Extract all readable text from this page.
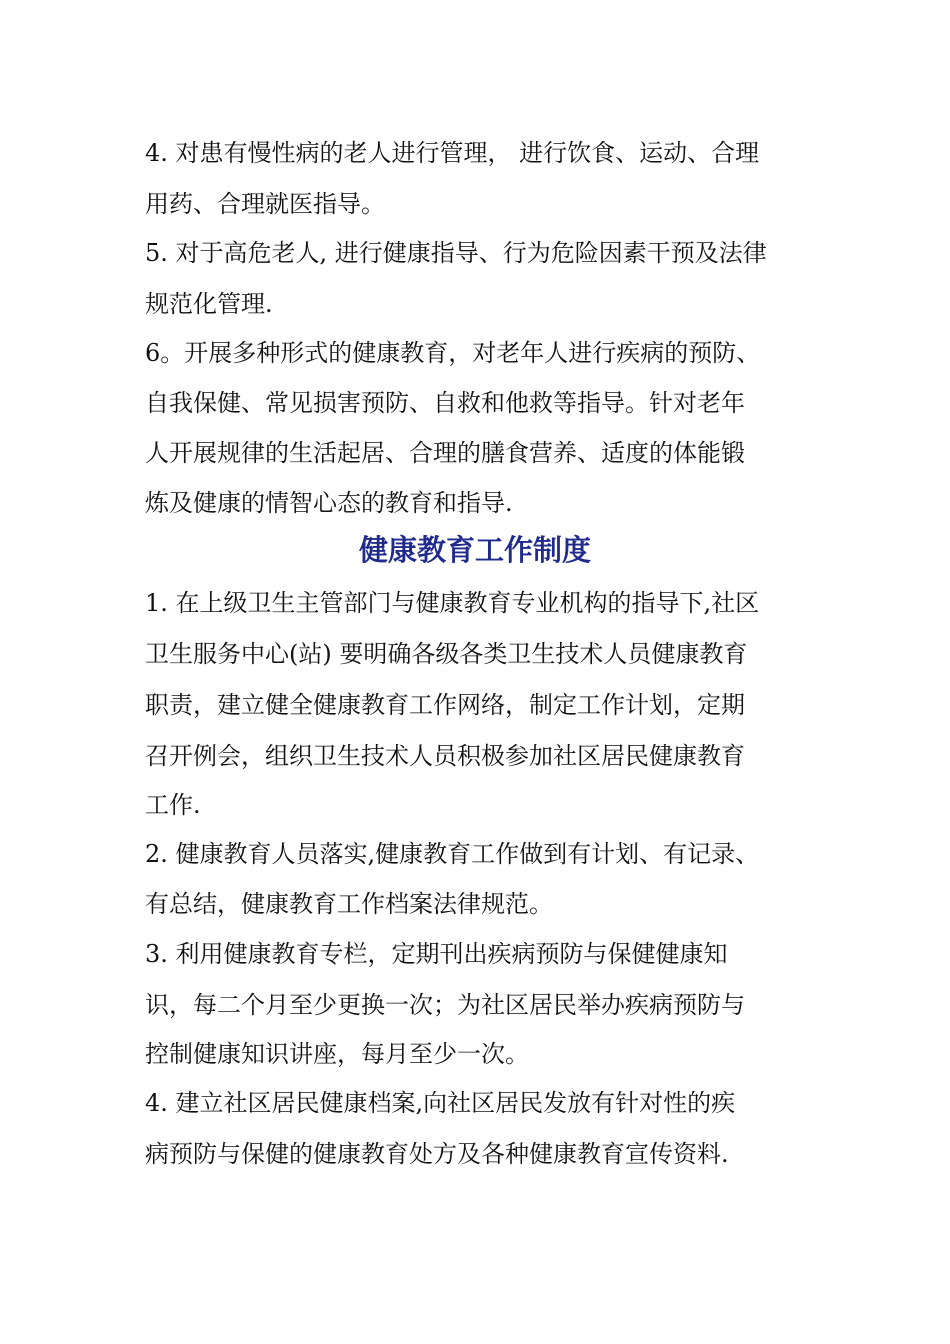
4. 对患有慢性病的老人进行管理， 进行饮食、运动、合理
用药、合理就医指导。
5. 对于高危老人, 进行健康指导、行为危险因素干预及法律
规范化管理.
6。开展多种形式的健康教育，对老年人进行疾病的预防、
自我保健、常见损害预防、自救和他救等指导。针对老年
人开展规律的生活起居、合理的膳食营养、适度的体能锻
炼及健康的情智心态的教育和指导.
健康教育工作制度
1. 在上级卫生主管部门与健康教育专业机构的指导下,社区
卫生服务中心(站) 要明确各级各类卫生技术人员健康教育
职责，建立健全健康教育工作网络，制定工作计划，定期
召开例会，组织卫生技术人员积极参加社区居民健康教育
工作.
2. 健康教育人员落实,健康教育工作做到有计划、有记录、
有总结，健康教育工作档案法律规范。
3. 利用健康教育专栏，定期刊出疾病预防与保健健康知
识，每二个月至少更换一次；为社区居民举办疾病预防与
控制健康知识讲座，每月至少一次。
4. 建立社区居民健康档案,向社区居民发放有针对性的疾
病预防与保健的健康教育处方及各种健康教育宣传资料.
